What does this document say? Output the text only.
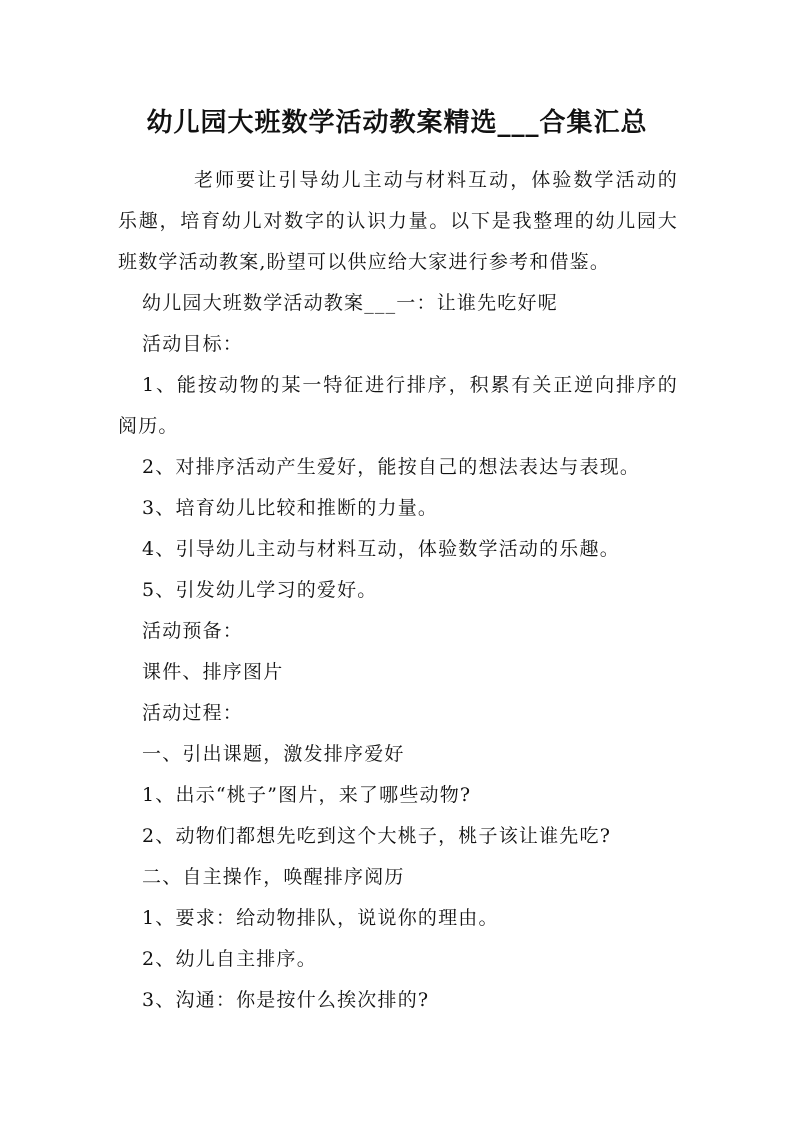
幼儿园大班数学活动教案精选___合集汇总

老师要让引导幼儿主动与材料互动，体验数学活动的乐趣，培育幼儿对数字的认识力量。以下是我整理的幼儿园大班数学活动教案,盼望可以供应给大家进行参考和借鉴。

幼儿园大班数学活动教案___一：让谁先吃好呢
活动目标：
1、能按动物的某一特征进行排序，积累有关正逆向排序的阅历。
2、对排序活动产生爱好，能按自己的想法表达与表现。
3、培育幼儿比较和推断的力量。
4、引导幼儿主动与材料互动，体验数学活动的乐趣。
5、引发幼儿学习的爱好。
活动预备：
课件、排序图片
活动过程：
一、引出课题，激发排序爱好
1、出示“桃子”图片，来了哪些动物?
2、动物们都想先吃到这个大桃子，桃子该让谁先吃?
二、自主操作，唤醒排序阅历
1、要求：给动物排队，说说你的理由。
2、幼儿自主排序。
3、沟通：你是按什么挨次排的?
